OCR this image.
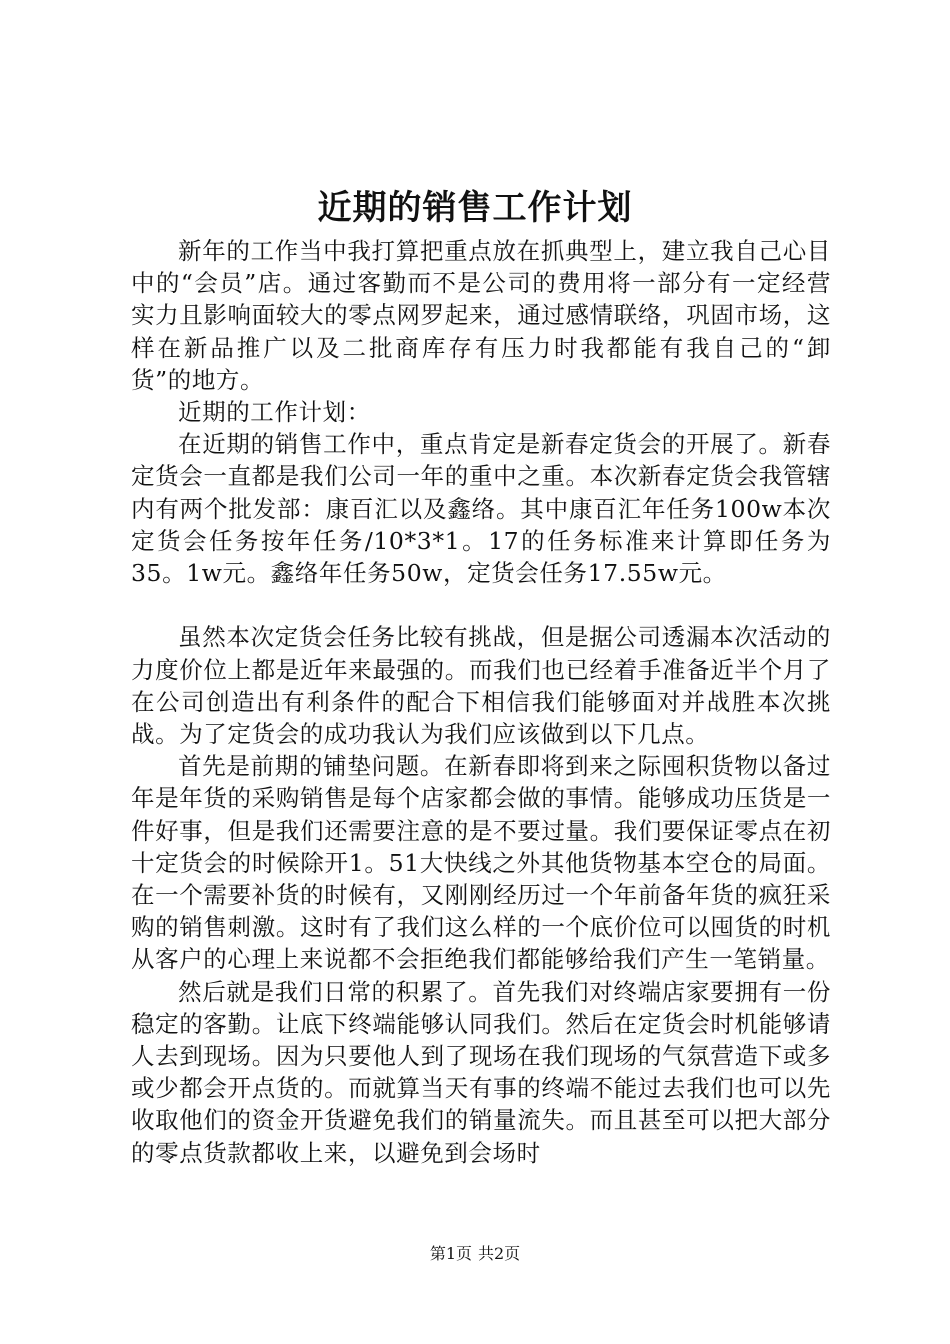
近期的销售工作计划

新年的工作当中我打算把重点放在抓典型上，建立我自己心目中的“会员”店。通过客勤而不是公司的费用将一部分有一定经营实力且影响面较大的零点网罗起来，通过感情联络，巩固市场，这样在新品推广以及二批商库存有压力时我都能有我自己的“卸货”的地方。

近期的工作计划：

在近期的销售工作中，重点肯定是新春定货会的开展了。新春定货会一直都是我们公司一年的重中之重。本次新春定货会我管辖内有两个批发部：康百汇以及鑫络。其中康百汇年任务100w本次定货会任务按年任务/10*3*1。17的任务标准来计算即任务为35。1w元。鑫络年任务50w，定货会任务17.55w元。

虽然本次定货会任务比较有挑战，但是据公司透漏本次活动的力度价位上都是近年来最强的。而我们也已经着手准备近半个月了在公司创造出有利条件的配合下相信我们能够面对并战胜本次挑战。为了定货会的成功我认为我们应该做到以下几点。

首先是前期的铺垫问题。在新春即将到来之际囤积货物以备过年是年货的采购销售是每个店家都会做的事情。能够成功压货是一件好事，但是我们还需要注意的是不要过量。我们要保证零点在初十定货会的时候除开1。51大快线之外其他货物基本空仓的局面。在一个需要补货的时候有，又刚刚经历过一个年前备年货的疯狂采购的销售刺激。这时有了我们这么样的一个底价位可以囤货的时机从客户的心理上来说都不会拒绝我们都能够给我们产生一笔销量。

然后就是我们日常的积累了。首先我们对终端店家要拥有一份稳定的客勤。让底下终端能够认同我们。然后在定货会时机能够请人去到现场。因为只要他人到了现场在我们现场的气氛营造下或多或少都会开点货的。而就算当天有事的终端不能过去我们也可以先收取他们的资金开货避免我们的销量流失。而且甚至可以把大部分的零点货款都收上来，以避免到会场时

第1页 共2页
